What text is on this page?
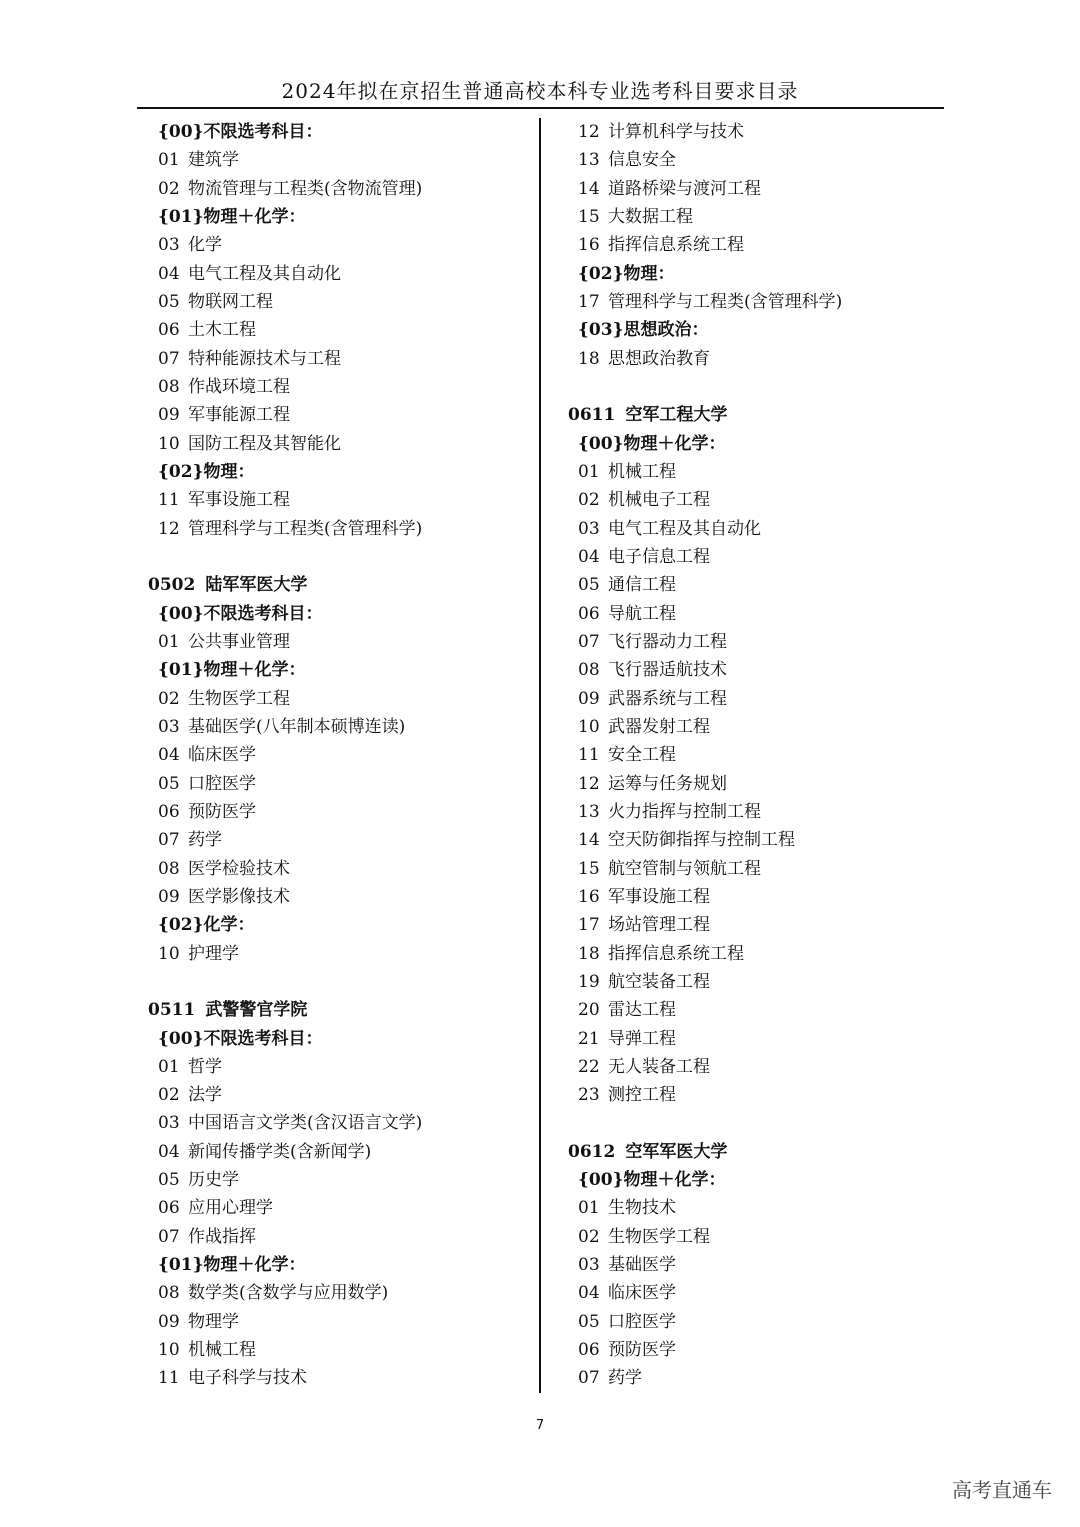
2024年拟在京招生普通高校本科专业选考科目要求目录
{00}不限选考科目：
01 建筑学
02 物流管理与工程类(含物流管理)
{01}物理＋化学：
03 化学
04 电气工程及其自动化
05 物联网工程
06 土木工程
07 特种能源技术与工程
08 作战环境工程
09 军事能源工程
10 国防工程及其智能化
{02}物理：
11 军事设施工程
12 管理科学与工程类(含管理科学)
0502 陆军军医大学
{00}不限选考科目：
01 公共事业管理
{01}物理＋化学：
02 生物医学工程
03 基础医学(八年制本硕博连读)
04 临床医学
05 口腔医学
06 预防医学
07 药学
08 医学检验技术
09 医学影像技术
{02}化学：
10 护理学
0511 武警警官学院
{00}不限选考科目：
01 哲学
02 法学
03 中国语言文学类(含汉语言文学)
04 新闻传播学类(含新闻学)
05 历史学
06 应用心理学
07 作战指挥
{01}物理＋化学：
08 数学类(含数学与应用数学)
09 物理学
10 机械工程
11 电子科学与技术
12 计算机科学与技术
13 信息安全
14 道路桥梁与渡河工程
15 大数据工程
16 指挥信息系统工程
{02}物理：
17 管理科学与工程类(含管理科学)
{03}思想政治：
18 思想政治教育
0611 空军工程大学
{00}物理＋化学：
01 机械工程
02 机械电子工程
03 电气工程及其自动化
04 电子信息工程
05 通信工程
06 导航工程
07 飞行器动力工程
08 飞行器适航技术
09 武器系统与工程
10 武器发射工程
11 安全工程
12 运筹与任务规划
13 火力指挥与控制工程
14 空天防御指挥与控制工程
15 航空管制与领航工程
16 军事设施工程
17 场站管理工程
18 指挥信息系统工程
19 航空装备工程
20 雷达工程
21 导弹工程
22 无人装备工程
23 测控工程
0612 空军军医大学
{00}物理＋化学：
01 生物技术
02 生物医学工程
03 基础医学
04 临床医学
05 口腔医学
06 预防医学
07 药学
7
高考直通车
